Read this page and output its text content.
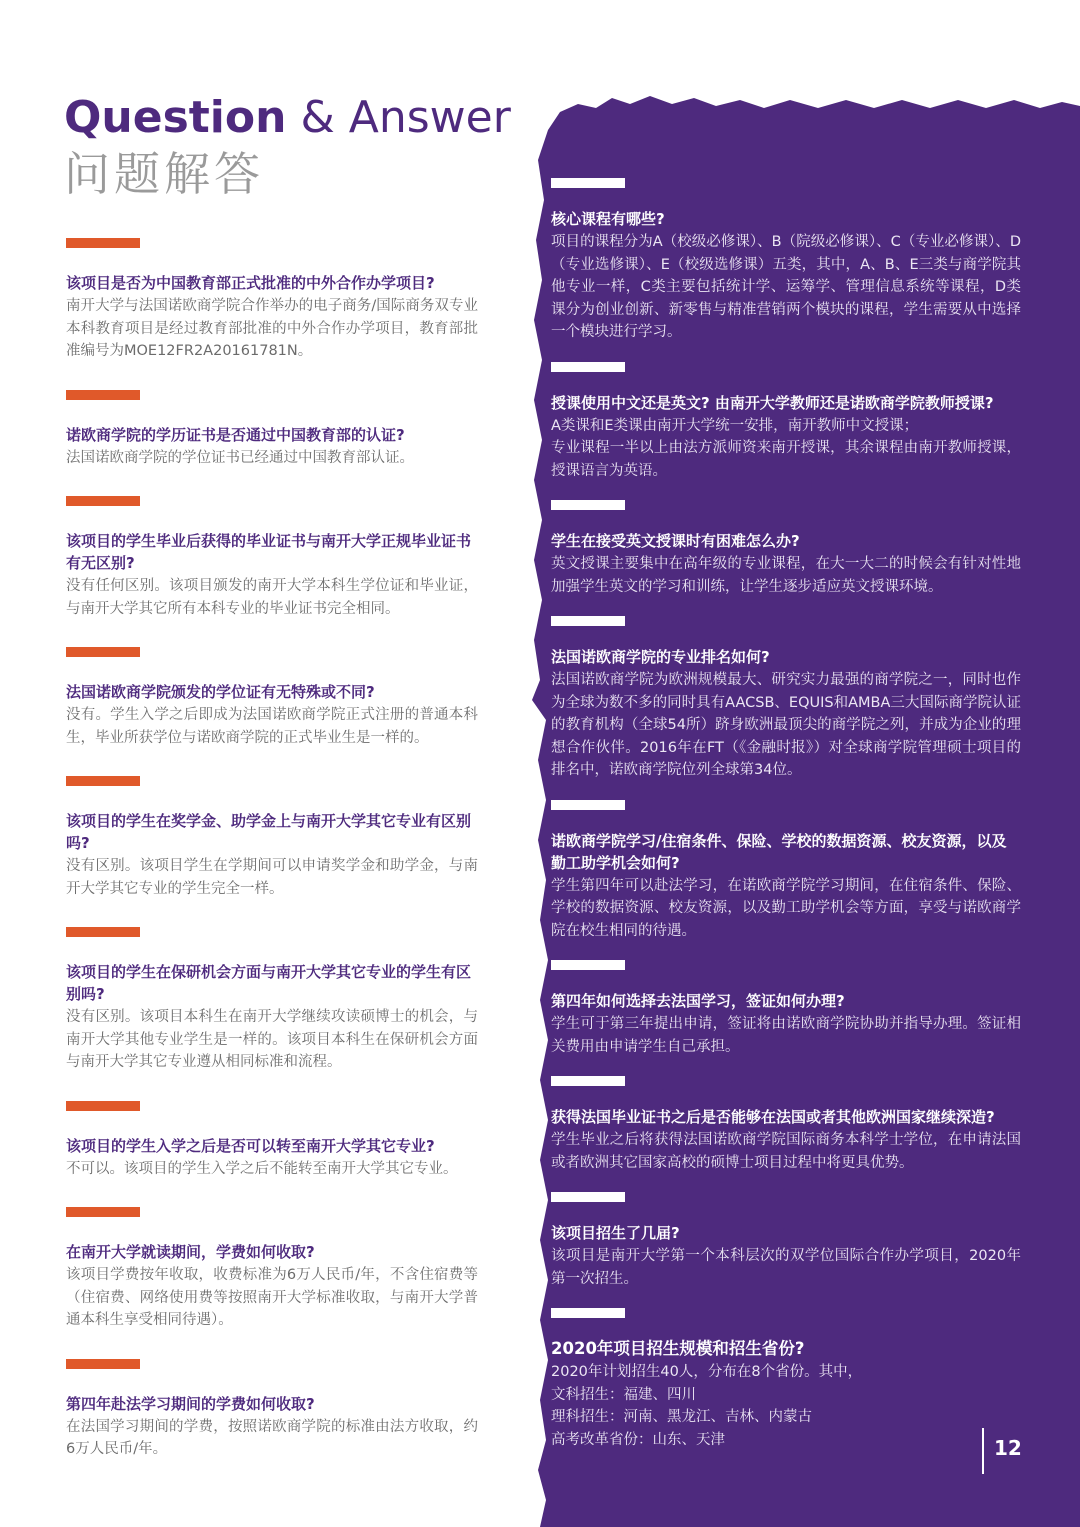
Question & Answer
问题解答
该项目是否为中国教育部正式批准的中外合作办学项目?
南开大学与法国诺欧商学院合作举办的电子商务/国际商务双专业本科教育项目是经过教育部批准的中外合作办学项目，教育部批准编号为MOE12FR2A20161781N。
诺欧商学院的学历证书是否通过中国教育部的认证?
法国诺欧商学院的学位证书已经通过中国教育部认证。
该项目的学生毕业后获得的毕业证书与南开大学正规毕业证书有无区别?
没有任何区别。该项目颁发的南开大学本科生学位证和毕业证，与南开大学其它所有本科专业的毕业证书完全相同。
法国诺欧商学院颁发的学位证有无特殊或不同?
没有。学生入学之后即成为法国诺欧商学院正式注册的普通本科生，毕业所获学位与诺欧商学院的正式毕业生是一样的。
该项目的学生在奖学金、助学金上与南开大学其它专业有区别吗?
没有区别。该项目学生在学期间可以申请奖学金和助学金，与南开大学其它专业的学生完全一样。
该项目的学生在保研机会方面与南开大学其它专业的学生有区别吗?
没有区别。该项目本科生在南开大学继续攻读硕博士的机会，与南开大学其他专业学生是一样的。该项目本科生在保研机会方面与南开大学其它专业遵从相同标准和流程。
该项目的学生入学之后是否可以转至南开大学其它专业?
不可以。该项目的学生入学之后不能转至南开大学其它专业。
在南开大学就读期间，学费如何收取?
该项目学费按年收取，收费标准为6万人民币/年，不含住宿费等（住宿费、网络使用费等按照南开大学标准收取，与南开大学普通本科生享受相同待遇）。
第四年赴法学习期间的学费如何收取?
在法国学习期间的学费，按照诺欧商学院的标准由法方收取，约6万人民币/年。
核心课程有哪些?
项目的课程分为A（校级必修课）、B（院级必修课）、C（专业必修课）、D（专业选修课）、E（校级选修课）五类，其中，A、B、E三类与商学院其他专业一样，C类主要包括统计学、运筹学、管理信息系统等课程，D类课分为创业创新、新零售与精准营销两个模块的课程，学生需要从中选择一个模块进行学习。
授课使用中文还是英文? 由南开大学教师还是诺欧商学院教师授课?
A类课和E类课由南开大学统一安排，南开教师中文授课；
专业课程一半以上由法方派师资来南开授课，其余课程由南开教师授课，授课语言为英语。
学生在接受英文授课时有困难怎么办?
英文授课主要集中在高年级的专业课程，在大一大二的时候会有针对性地加强学生英文的学习和训练，让学生逐步适应英文授课环境。
法国诺欧商学院的专业排名如何?
法国诺欧商学院为欧洲规模最大、研究实力最强的商学院之一，同时也作为全球为数不多的同时具有AACSB、EQUIS和AMBA三大国际商学院认证的教育机构（全球54所）跻身欧洲最顶尖的商学院之列，并成为企业的理想合作伙伴。2016年在FT（《金融时报》）对全球商学院管理硕士项目的排名中，诺欧商学院位列全球第34位。
诺欧商学院学习/住宿条件、保险、学校的数据资源、校友资源，以及勤工助学机会如何?
学生第四年可以赴法学习，在诺欧商学院学习期间，在住宿条件、保险、学校的数据资源、校友资源，以及勤工助学机会等方面，享受与诺欧商学院在校生相同的待遇。
第四年如何选择去法国学习，签证如何办理?
学生可于第三年提出申请，签证将由诺欧商学院协助并指导办理。签证相关费用由申请学生自己承担。
获得法国毕业证书之后是否能够在法国或者其他欧洲国家继续深造?
学生毕业之后将获得法国诺欧商学院国际商务本科学士学位，在申请法国或者欧洲其它国家高校的硕博士项目过程中将更具优势。
该项目招生了几届?
该项目是南开大学第一个本科层次的双学位国际合作办学项目，2020年第一次招生。
2020年项目招生规模和招生省份?
2020年计划招生40人，分布在8个省份。其中，
文科招生：福建、四川
理科招生：河南、黑龙江、吉林、内蒙古
高考改革省份：山东、天津	12
